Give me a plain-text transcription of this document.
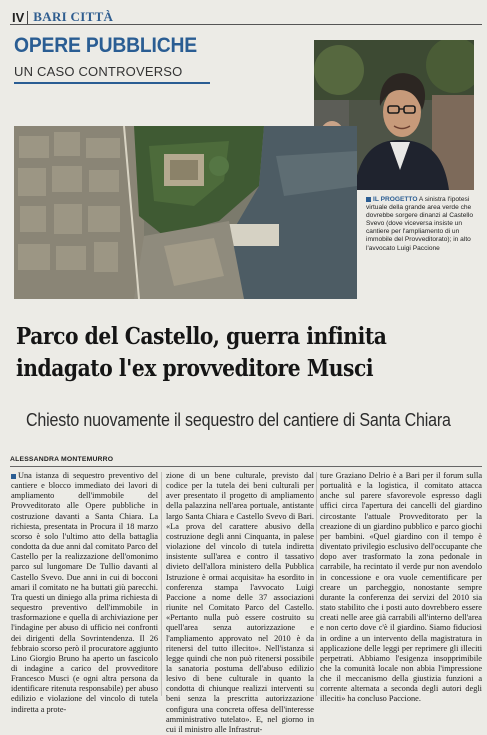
IV BARI CITTÀ
OPERE PUBBLICHE
UN CASO CONTROVERSO
IL PROGETTO A sinistra l'ipotesi virtuale della grande area verde che dovrebbe sorgere dinanzi al Castello Svevo (dove viceversa insiste un cantiere per l'ampliamento di un immobile del Provveditorato); in alto l'avvocato Luigi Paccione
Parco del Castello, guerra infinita
indagato l'ex provveditore Musci
Chiesto nuovamente il sequestro del cantiere di Santa Chiara
ALESSANDRA MONTEMURRO

Una istanza di sequestro preventivo del cantiere e blocco immediato dei lavori di ampliamento dell'immobile del Provveditorato alle Opere pubbliche in costruzione davanti a Santa Chiara. La richiesta, presentata in Procura il 18 marzo scorso è solo l'ultimo atto della battaglia condotta da due anni dal comitato Parco del Castello per la realizzazione dell'omonimo parco sul lungomare De Tullio davanti al Castello Svevo. Due anni in cui di bocconi amari il comitato ne ha buttati giù parecchi. Tra questi un diniego alla prima richiesta di sequestro preventivo dell'immobile in trasformazione e quella di archiviazione per l'indagine per abuso di ufficio nei confronti dei dirigenti della Sovrintendenza. Il 26 febbraio scorso però il procuratore aggiunto Lino Giorgio Bruno ha aperto un fascicolo di indagine a carico del provveditore Francesco Musci (e ogni altra persona da identificare ritenuta responsabile) per abuso edilizio e violazione del vincolo di tutela indiretta a prote-

zione di un bene culturale, previsto dal codice per la tutela dei beni culturali per aver presentato il progetto di ampliamento della palazzina nell'area portuale, antistante largo Santa Chiara e Castello Svevo di Bari. «La prova del carattere abusivo della costruzione degli anni Cinquanta, in palese violazione del vincolo di tutela indiretta insistente sull'area e contro il tassativo divieto dell'allora ministero della Pubblica Istruzione è ormai acquisita» ha esordito in conferenza stampa l'avvocato Luigi Paccione a nome delle 37 associazioni riunite nel Comitato Parco del Castello. «Pertanto nulla può essere costruito su quell'area senza autorizzazione e l'ampliamento approvato nel 2010 è da ritenersi del tutto illecito». Nell'istanza si legge quindi che non può ritenersi possibile la sanatoria postuma dell'abuso edilizio lesivo di bene culturale in quanto la condotta di chiunque realizzi interventi su beni senza la prescritta autorizzazione configura una concreta offesa dell'interesse amministrativo tutelato». E, nel giorno in cui il ministro alle Infrastrut-

ture Graziano Delrio è a Bari per il forum sulla portualità e la logistica, il comitato attacca anche sul parere sfavorevole espresso dagli uffici circa l'apertura dei cancelli del giardino circostante l'attuale Provveditorato per la creazione di un giardino pubblico e parco giochi per bambini. «Quel giardino con il tempo è diventato privilegio esclusivo dell'occupante che dopo aver trasformato la zona pedonale in carrabile, ha recintato il verde pur non avendolo in concessione e ora vuole cementificare per creare un parcheggio, nonostante sempre durante la conferenza dei servizi del 2010 sia stato stabilito che i posti auto dovrebbero essere creati nelle aree già carrabili all'interno dell'area e non certo dove c'è il giardino. Siamo fiduciosi in ordine a un intervento della magistratura in applicazione delle leggi per reprimere gli illeciti perpetrati. Abbiamo l'esigenza insopprimibile che la comunità locale non abbia l'impressione che il meccanismo della giustizia funzioni a corrente alternata a seconda degli autori degli illeciti» ha concluso Paccione.
